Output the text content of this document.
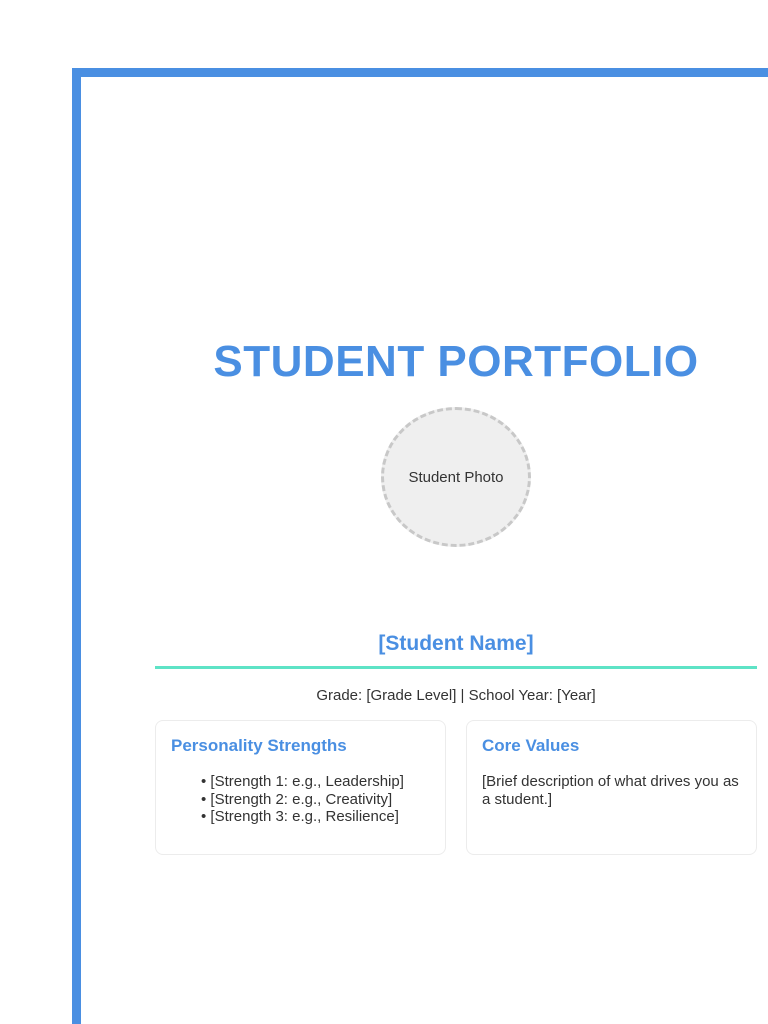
STUDENT PORTFOLIO
Student Photo
[Student Name]
Grade: [Grade Level] | School Year: [Year]
Personality Strengths
• [Strength 1: e.g., Leadership]
• [Strength 2: e.g., Creativity]
• [Strength 3: e.g., Resilience]
Core Values

[Brief description of what drives you as a student.]
